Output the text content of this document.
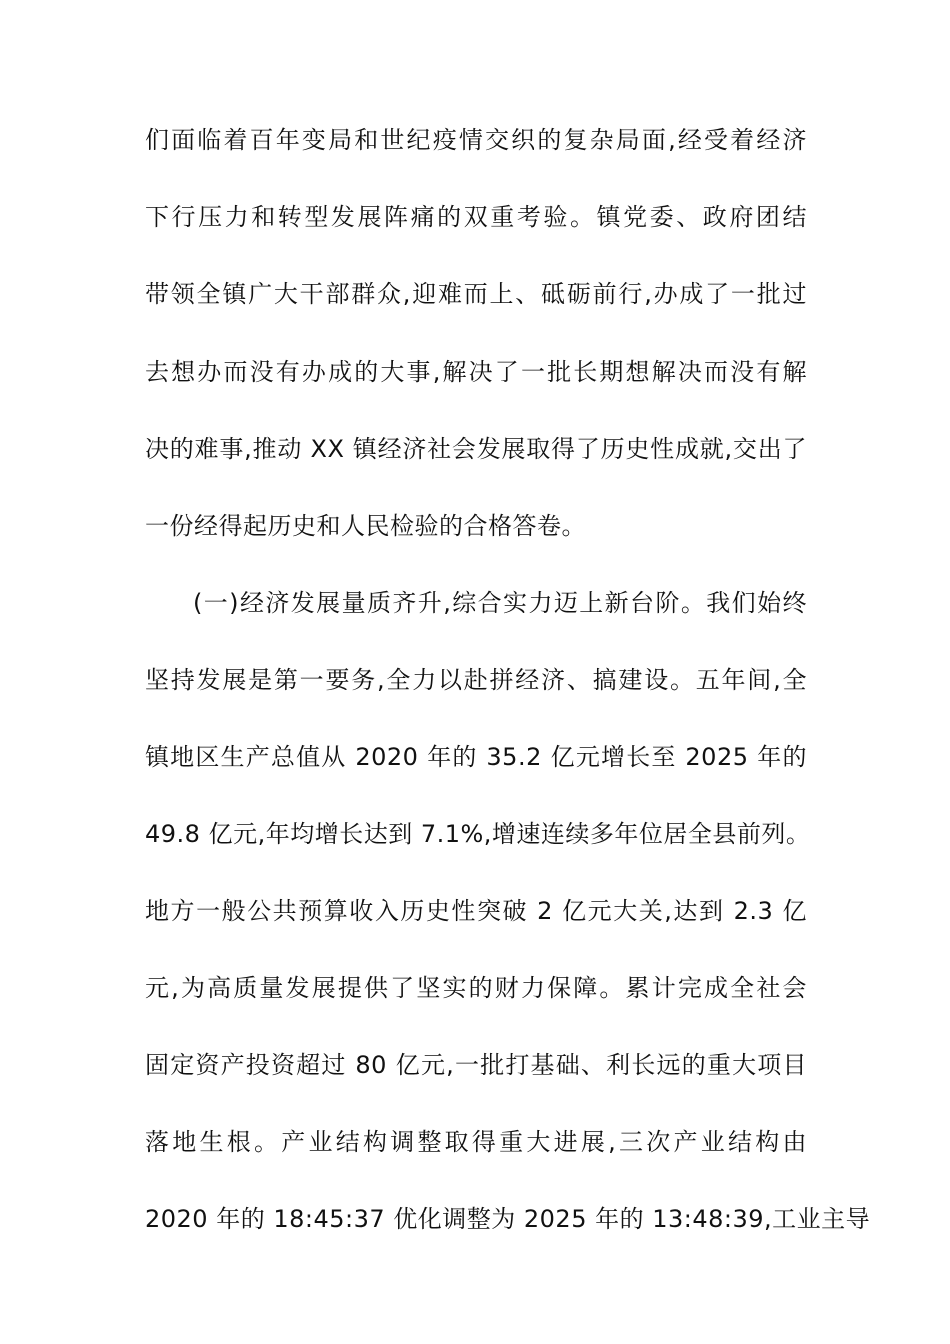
们面临着百年变局和世纪疫情交织的复杂局面,经受着经济
下行压力和转型发展阵痛的双重考验。镇党委、政府团结
带领全镇广大干部群众,迎难而上、砥砺前行,办成了一批过
去想办而没有办成的大事,解决了一批长期想解决而没有解
决的难事,推动 XX 镇经济社会发展取得了历史性成就,交出了
一份经得起历史和人民检验的合格答卷。
(一)经济发展量质齐升,综合实力迈上新台阶。我们始终
坚持发展是第一要务,全力以赴拼经济、搞建设。五年间,全
镇地区生产总值从 2020 年的 35.2 亿元增长至 2025 年的
49.8 亿元,年均增长达到 7.1%,增速连续多年位居全县前列。
地方一般公共预算收入历史性突破 2 亿元大关,达到 2.3 亿
元,为高质量发展提供了坚实的财力保障。累计完成全社会
固定资产投资超过 80 亿元,一批打基础、利长远的重大项目
落地生根。产业结构调整取得重大进展,三次产业结构由
2020 年的 18:45:37 优化调整为 2025 年的 13:48:39,工业主导
